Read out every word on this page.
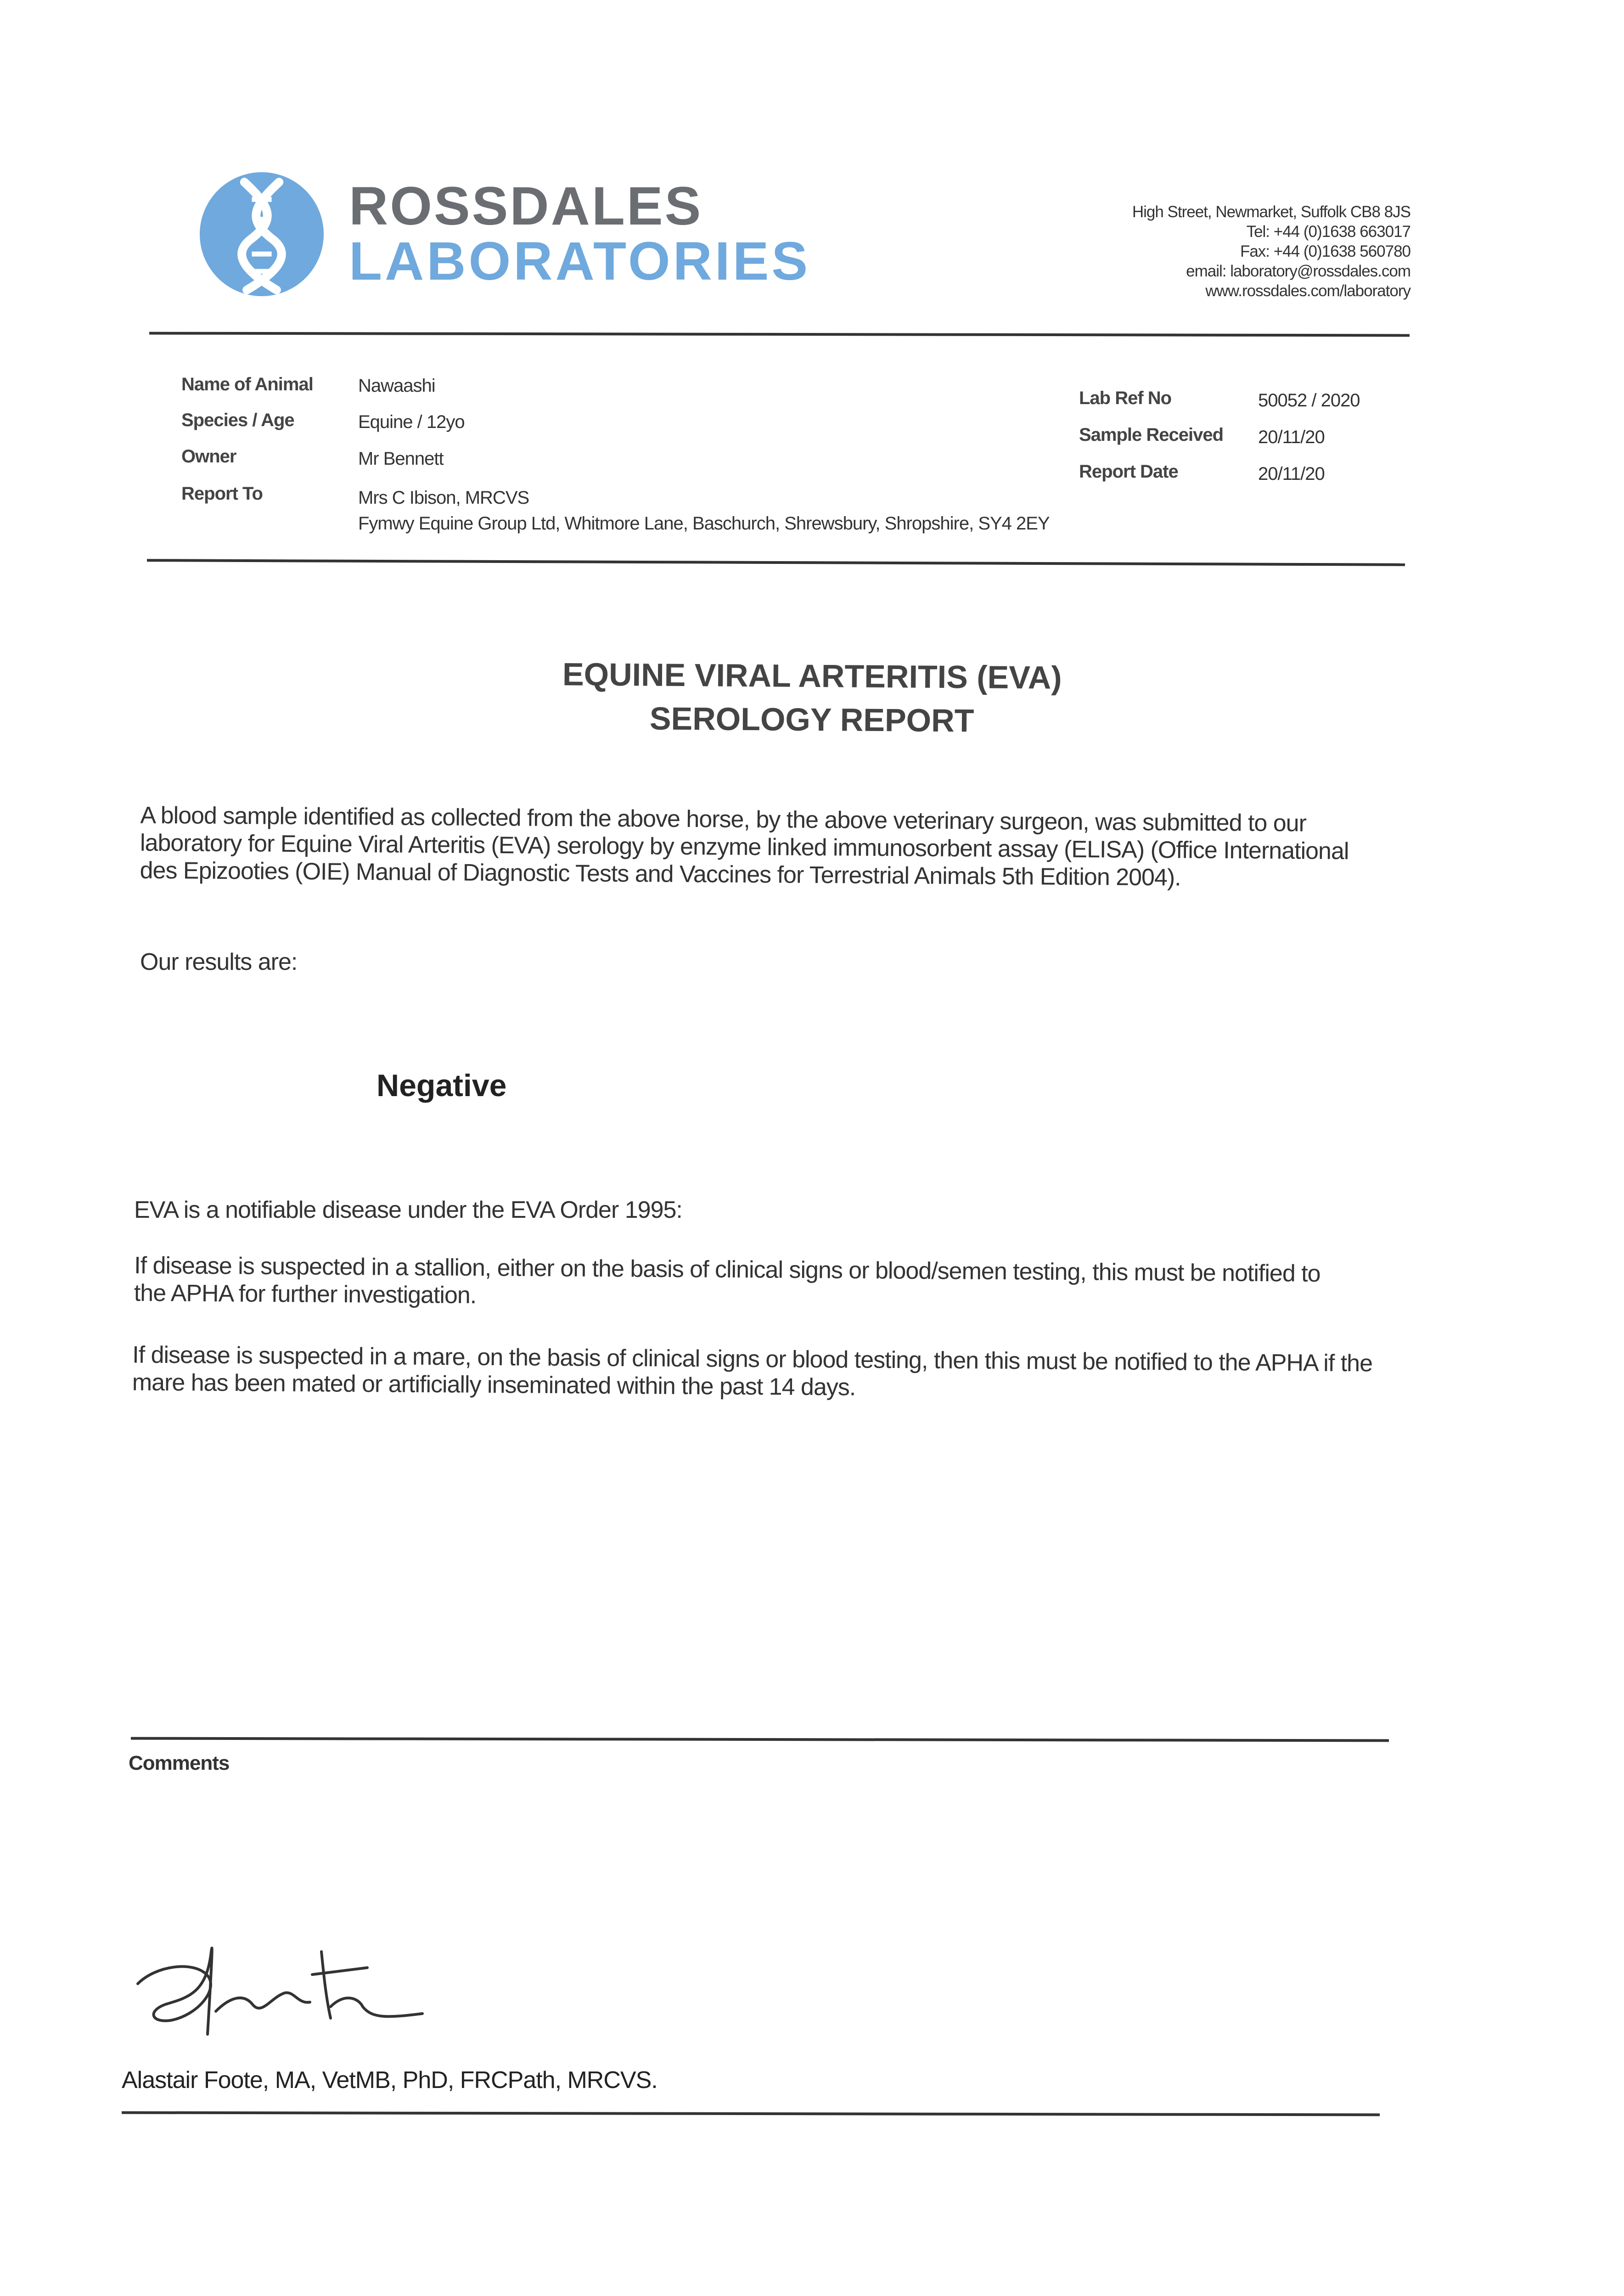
ROSSDALES
LABORATORIES
High Street, Newmarket, Suffolk CB8 8JS
Tel: +44 (0)1638 663017
Fax: +44 (0)1638 560780
email: laboratory@rossdales.com
www.rossdales.com/laboratory
Name of Animal Nawaashi
Species / Age	Equine / 12yo
Owner	Mr Bennett
Report To	Mrs C Ibison, MRCVS
Fymwy Equine Group Ltd, Whitmore Lane, Baschurch, Shrewsbury, Shropshire, SY4 2EY
Lab Ref No	50052 / 2020
Sample Received 20/11/20
Report Date	20/11/20
EQUINE VIRAL ARTERITIS (EVA)
SEROLOGY REPORT
A blood sample identified as collected from the above horse, by the above veterinary surgeon, was submitted to our laboratory for Equine Viral Arteritis (EVA) serology by enzyme linked immunosorbent assay (ELISA) (Office International des Epizooties (OIE) Manual of Diagnostic Tests and Vaccines for Terrestrial Animals 5th Edition 2004).
Our results are:
Negative
EVA is a notifiable disease under the EVA Order 1995:
If disease is suspected in a stallion, either on the basis of clinical signs or blood/semen testing, this must be notified to the APHA for further investigation.
If disease is suspected in a mare, on the basis of clinical signs or blood testing, then this must be notified to the APHA if the mare has been mated or artificially inseminated within the past 14 days.
Comments
Alastair Foote, MA, VetMB, PhD, FRCPath, MRCVS.
